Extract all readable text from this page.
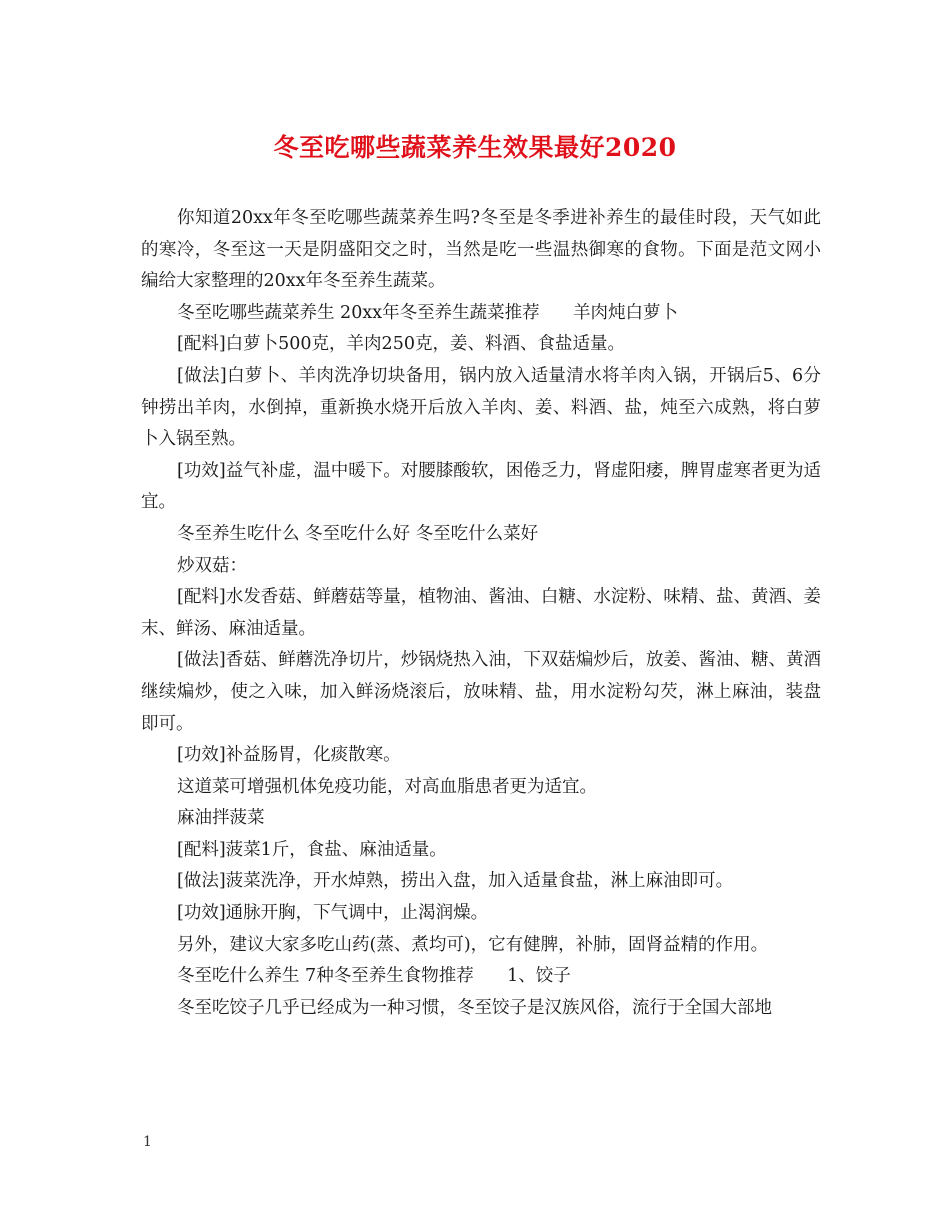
冬至吃哪些蔬菜养生效果最好2020

你知道20xx年冬至吃哪些蔬菜养生吗?冬至是冬季进补养生的最佳时段，天气如此的寒冷，冬至这一天是阴盛阳交之时，当然是吃一些温热御寒的食物。下面是范文网小编给大家整理的20xx年冬至养生蔬菜。

冬至吃哪些蔬菜养生 20xx年冬至养生蔬菜推荐      羊肉炖白萝卜

[配料]白萝卜500克，羊肉250克，姜、料酒、食盐适量。

[做法]白萝卜、羊肉洗净切块备用，锅内放入适量清水将羊肉入锅，开锅后5、6分钟捞出羊肉，水倒掉，重新换水烧开后放入羊肉、姜、料酒、盐，炖至六成熟，将白萝卜入锅至熟。

[功效]益气补虚，温中暖下。对腰膝酸软，困倦乏力，肾虚阳痿，脾胃虚寒者更为适宜。

冬至养生吃什么 冬至吃什么好 冬至吃什么菜好

炒双菇：

[配料]水发香菇、鲜蘑菇等量，植物油、酱油、白糖、水淀粉、味精、盐、黄酒、姜末、鲜汤、麻油适量。

[做法]香菇、鲜蘑洗净切片，炒锅烧热入油，下双菇煸炒后，放姜、酱油、糖、黄酒继续煸炒，使之入味，加入鲜汤烧滚后，放味精、盐，用水淀粉勾芡，淋上麻油，装盘即可。

[功效]补益肠胃，化痰散寒。

这道菜可增强机体免疫功能，对高血脂患者更为适宜。

麻油拌菠菜

[配料]菠菜1斤，食盐、麻油适量。

[做法]菠菜洗净，开水焯熟，捞出入盘，加入适量食盐，淋上麻油即可。

[功效]通脉开胸，下气调中，止渴润燥。

另外，建议大家多吃山药(蒸、煮均可)，它有健脾，补肺，固肾益精的作用。

冬至吃什么养生 7种冬至养生食物推荐      1、饺子

冬至吃饺子几乎已经成为一种习惯，冬至饺子是汉族风俗，流行于全国大部地

1
